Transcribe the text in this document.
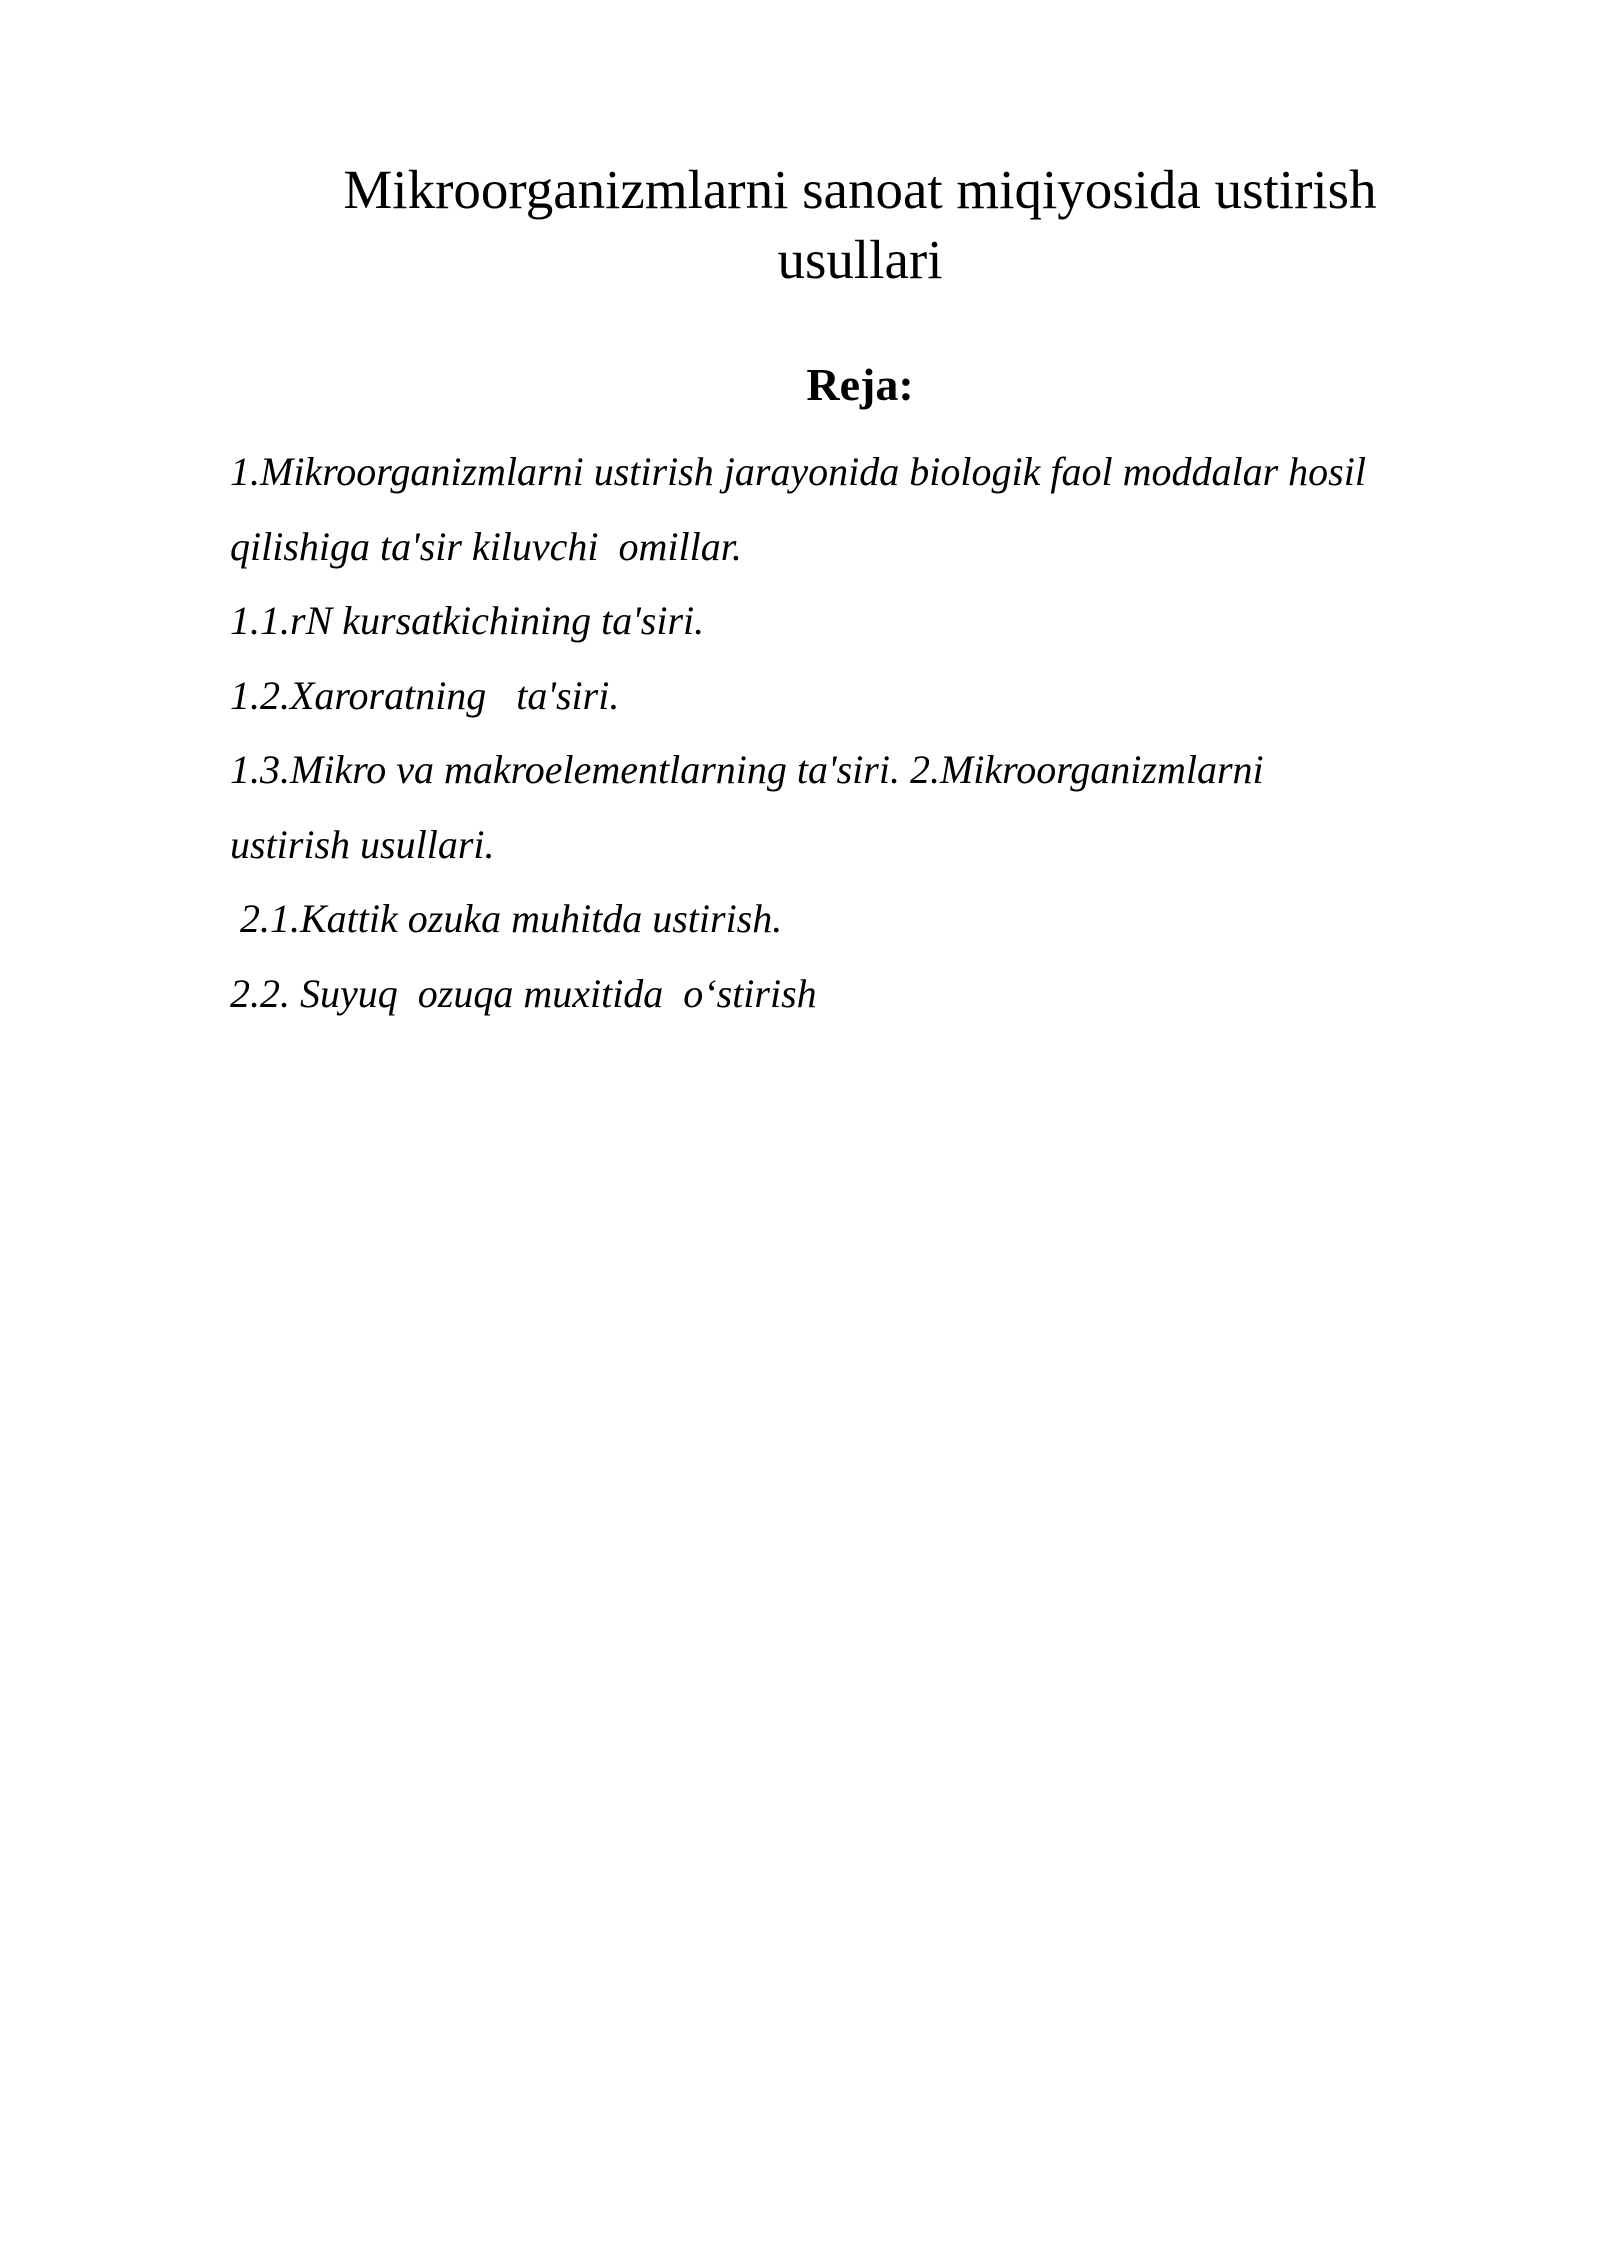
Mikroorganizmlarni sanoat miqiyosida ustirish
usullari
Reja:
1.Mikroorganizmlarni ustirish jarayonida biologik faol moddalar hosil
qilishiga ta'sir kiluvchi  omillar.
1.1.rN kursatkichining ta'siri.
1.2.Xaroratning   ta'siri.
1.3.Mikro va makroelementlarning ta'siri. 2.Mikroorganizmlarni
ustirish usullari.
2.1.Kattik ozuka muhitda ustirish.
2.2. Suyuq  ozuqa muxitida  o‘stirish
